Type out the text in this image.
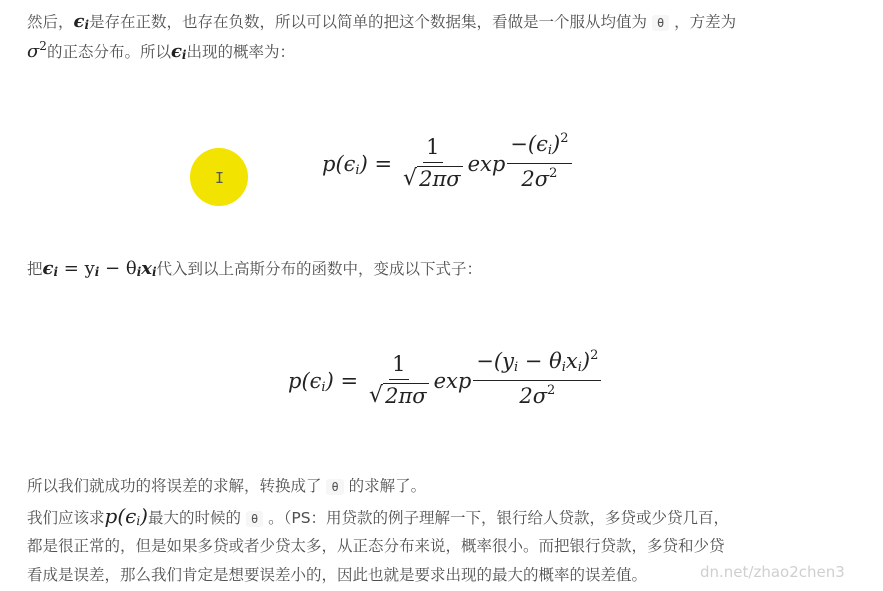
然后，$\epsilon_i$是存在正数，也存在负数，所以可以简单的把这个数据集，看做是一个服从均值为 θ ，方差为
$\sigma^2$的正态分布。所以$\epsilon_i$出现的概率为：
I
$p(\epsilon_i) = \frac{1}{√ 2\pi\sigma}$ $\exp \frac{-(\epsilon_i)^2}{2\sigma^2}$
把$\epsilon_i = y_i - \theta_ix_i$代入到以上高斯分布的函数中，变成以下式子：
$p(\epsilon_i) = \frac{1}{√ 2\pi\sigma}$ $\exp \frac{-(y_i - \theta_ix_i)^2}{2\sigma^2}$
所以我们就成功的将误差的求解，转换成了 θ 的求解了。
我们应该求$p(\epsilon_i)$最大的时候的 θ 。（PS：用贷款的例子理解一下，银行给人贷款，多贷或少贷几百，
都是很正常的，但是如果多贷或者少贷太多，从正态分布来说，概率很小。而把银行贷款，多贷和少贷
看成是误差，那么我们肯定是想要误差小的，因此也就是要求出现的最大的概率的误差值。	dn.net/zhao2chen3
